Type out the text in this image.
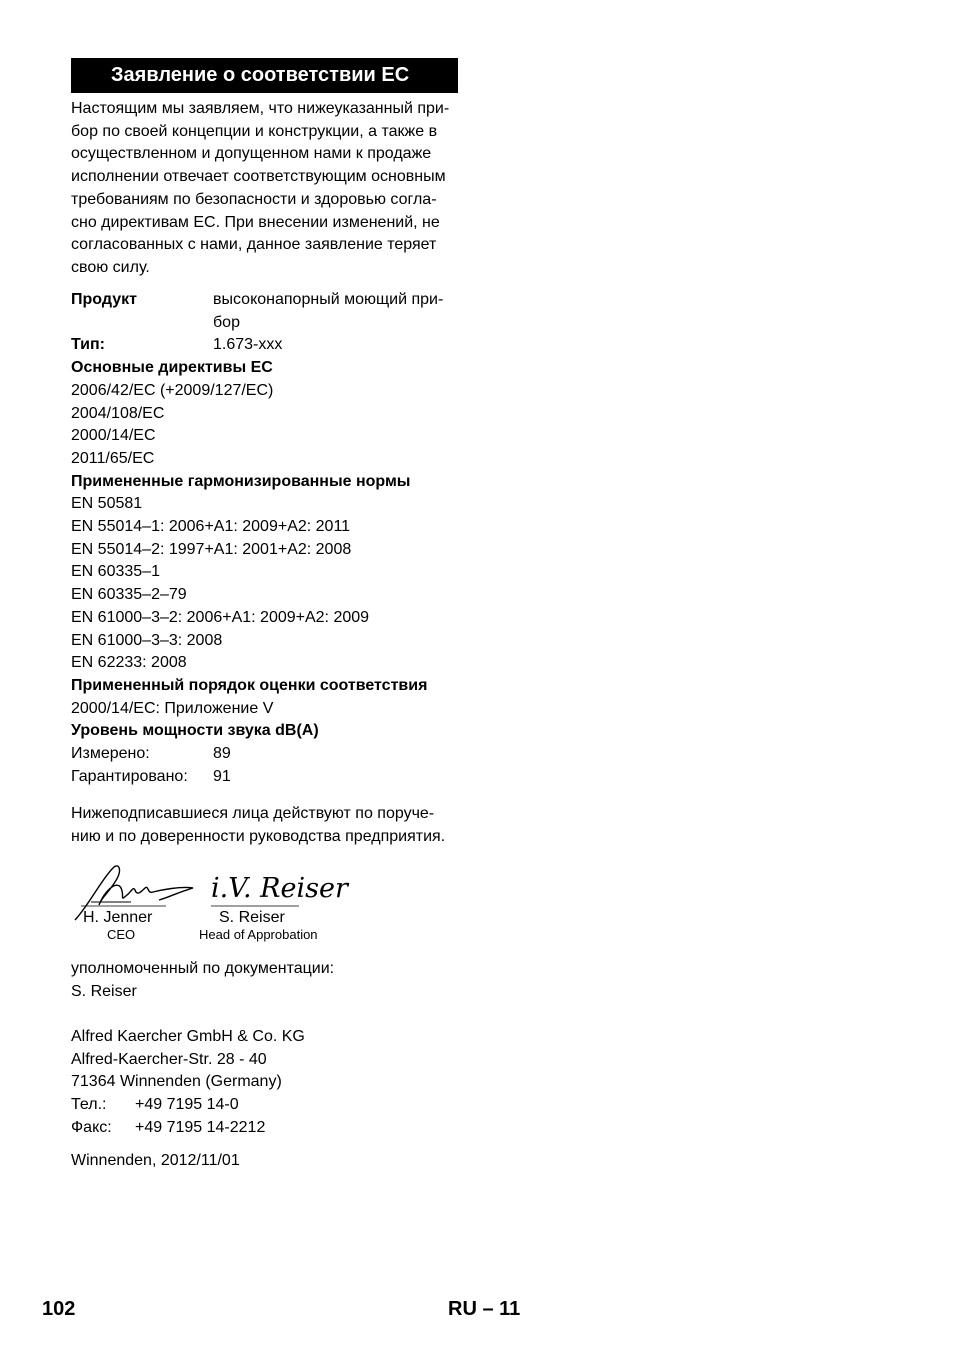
Заявление о соответствии ЕС

Настоящим мы заявляем, что нижеуказанный при-

бор по своей концепции и конструкции, а также в

осуществленном и допущенном нами к продаже

исполнении отвечает соответствующим основным

требованиям по безопасности и здоровью согла-

сно директивам ЕС. При внесении изменений, не

согласованных с нами, данное заявление теряет

свою силу.

Продукт	высоконапорный моющий при-
бор
Тип:	1.673-xxx

Основные директивы ЕС

2006/42/EC (+2009/127/EC)

2004/108/EC

2000/14/EC

2011/65/EC

Примененные гармонизированные нормы

EN 50581

EN 55014–1: 2006+A1: 2009+A2: 2011

EN 55014–2: 1997+A1: 2001+A2: 2008

EN 60335–1

EN 60335–2–79

EN 61000–3–2: 2006+A1: 2009+A2: 2009

EN 61000–3–3: 2008

EN 62233: 2008

Примененный порядок оценки соответствия

2000/14/EC: Приложение V

Уровень мощности звука dB(A)

Измерено:	89
Гарантировано:	91

Нижеподписавшиеся лица действуют по поруче-

нию и по доверенности руководства предприятия.

i.V. Reiser
H. Jenner
CEO
S. Reiser
Head of Approbation

уполномоченный по документации:

S. Reiser

Alfred Kaercher GmbH & Co. KG

Alfred-Kaercher-Str. 28 - 40

71364 Winnenden (Germany)

Тел.:	+49 7195 14-0
Факс:	+49 7195 14-2212

Winnenden, 2012/11/01

102	RU – 11
